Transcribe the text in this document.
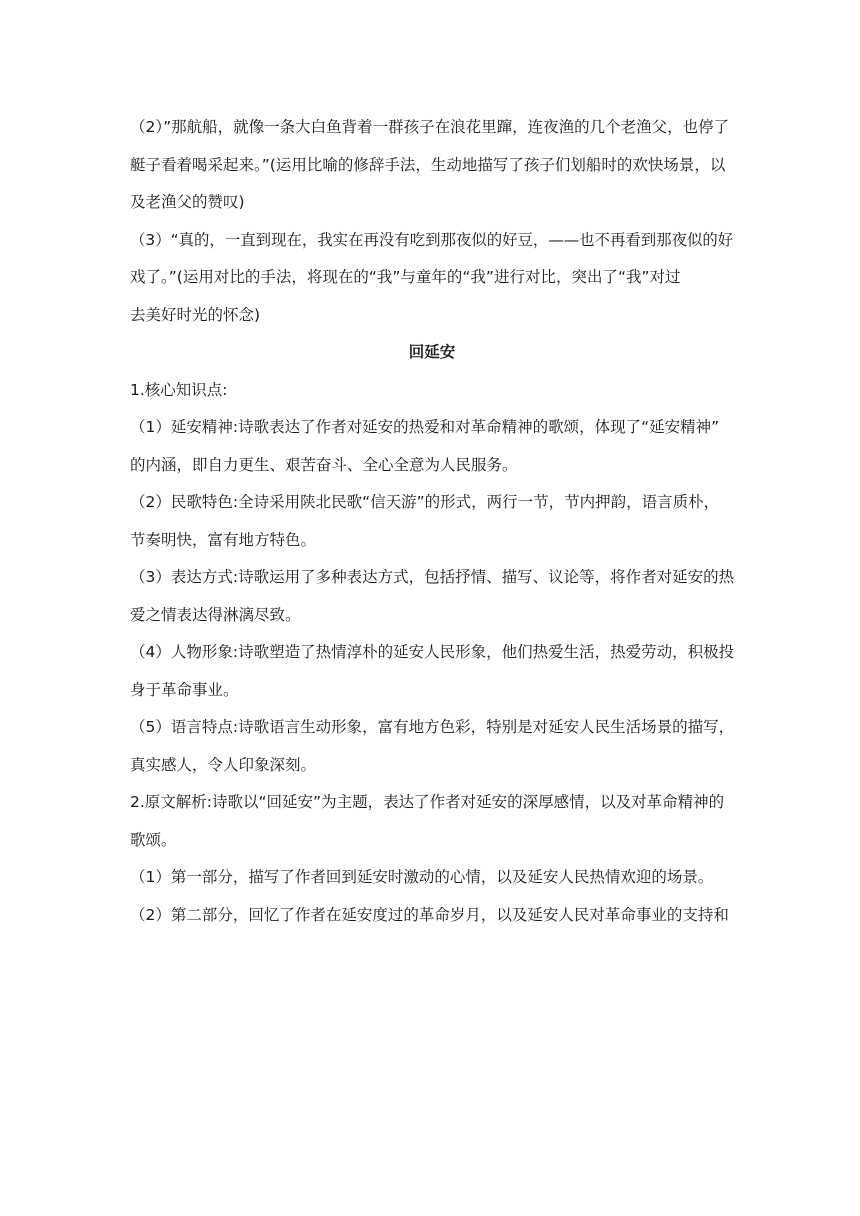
（2）”那航船，就像一条大白鱼背着一群孩子在浪花里蹿，连夜渔的几个老渔父，也停了
艇子看着喝采起来。”(运用比喻的修辞手法，生动地描写了孩子们划船时的欢快场景，以
及老渔父的赞叹)
（3）“真的，一直到现在，我实在再没有吃到那夜似的好豆，——也不再看到那夜似的好
戏了。”(运用对比的手法，将现在的“我”与童年的“我”进行对比，突出了“我”对过
去美好时光的怀念)
回延安
1.核心知识点:
（1）延安精神:诗歌表达了作者对延安的热爱和对革命精神的歌颂，体现了“延安精神”
的内涵，即自力更生、艰苦奋斗、全心全意为人民服务。
（2）民歌特色:全诗采用陕北民歌“信天游”的形式，两行一节，节内押韵，语言质朴，
节奏明快，富有地方特色。
（3）表达方式:诗歌运用了多种表达方式，包括抒情、描写、议论等，将作者对延安的热
爱之情表达得淋漓尽致。
（4）人物形象:诗歌塑造了热情淳朴的延安人民形象，他们热爱生活，热爱劳动，积极投
身于革命事业。
（5）语言特点:诗歌语言生动形象，富有地方色彩，特别是对延安人民生活场景的描写，
真实感人，令人印象深刻。
2.原文解析:诗歌以“回延安”为主题，表达了作者对延安的深厚感情，以及对革命精神的
歌颂。
（1）第一部分，描写了作者回到延安时激动的心情，以及延安人民热情欢迎的场景。
（2）第二部分，回忆了作者在延安度过的革命岁月，以及延安人民对革命事业的支持和
